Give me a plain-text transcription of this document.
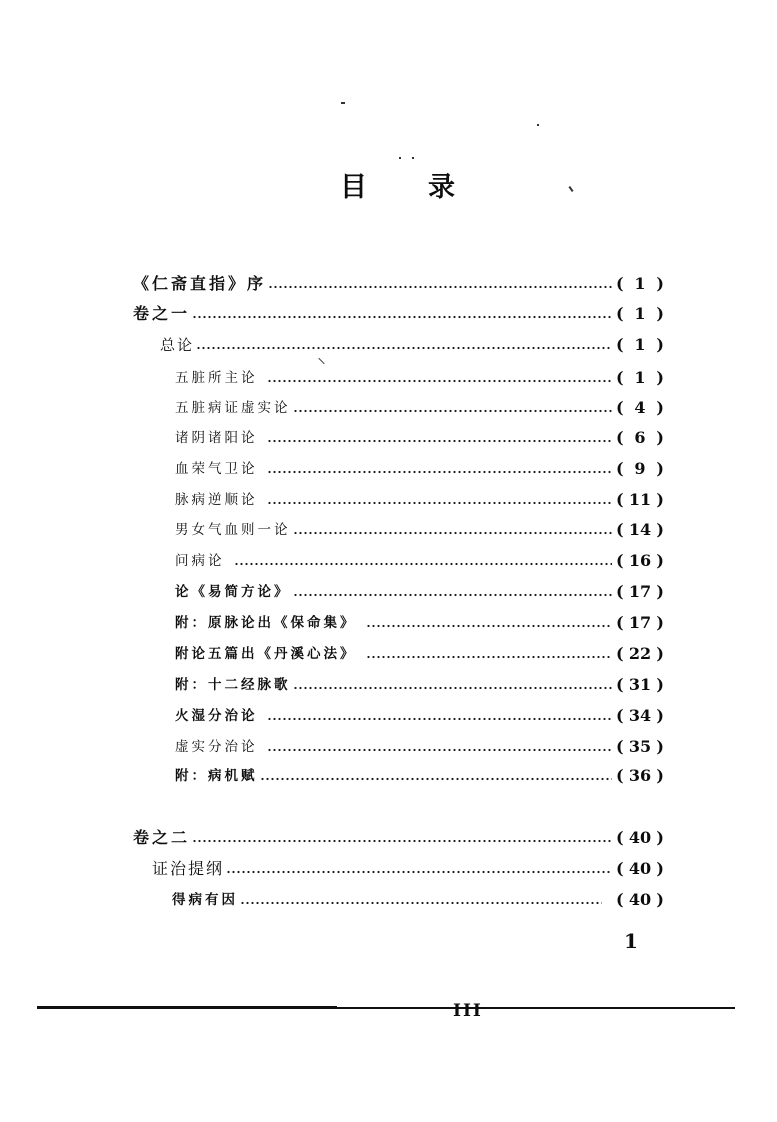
目 录
《仁斋直指》序	( 1 )
卷之一	( 1 )
总论	( 1 )
五脏所主论	( 1 )
五脏病证虚实论	( 4 )
诸阴诸阳论	( 6 )
血荣气卫论	( 9 )
脉病逆顺论	( 11 )
男女气血则一论	( 14 )
问病论	( 16 )
论《易简方论》	( 17 )
附：原脉论出《保命集》	( 17 )
附论五篇出《丹溪心法》	( 22 )
附：十二经脉歌	( 31 )
火湿分治论	( 34 )
虚实分治论	( 35 )
附：病机赋	( 36 )
卷之二	( 40 )
证治提纲	( 40 )
得病有因	( 40 )
1
III
